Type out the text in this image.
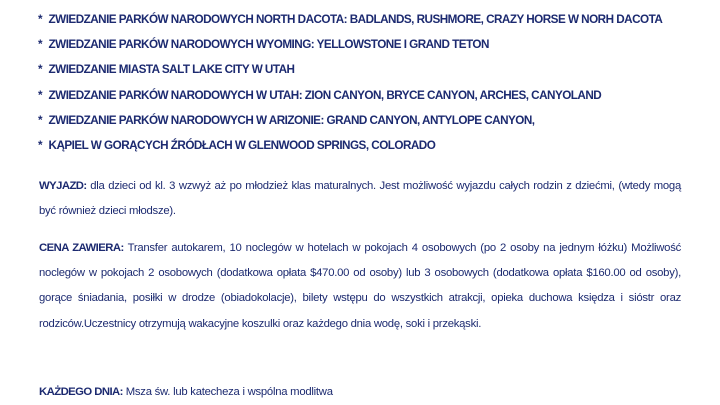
* ZWIEDZANIE PARKÓW NARODOWYCH NORTH DACOTA: BADLANDS, RUSHMORE, CRAZY HORSE W NORH DACOTA
* ZWIEDZANIE PARKÓW NARODOWYCH WYOMING: YELLOWSTONE I GRAND TETON
* ZWIEDZANIE MIASTA SALT LAKE CITY W UTAH
* ZWIEDZANIE PARKÓW NARODOWYCH W UTAH: ZION CANYON, BRYCE CANYON, ARCHES, CANYOLAND
* ZWIEDZANIE PARKÓW NARODOWYCH W ARIZONIE: GRAND CANYON, ANTYLOPE CANYON,
* KĄPIEL W GORĄCYCH ŹRÓDŁACH W GLENWOOD SPRINGS, COLORADO

WYJAZD: dla dzieci od kl. 3 wzwyż aż po młodzież klas maturalnych. Jest możliwość wyjazdu całych rodzin z dziećmi, (wtedy mogą być również dzieci młodsze).

CENA ZAWIERA: Transfer autokarem, 10 noclegów w hotelach w pokojach 4 osobowych (po 2 osoby na jednym łóżku) Możliwość noclegów w pokojach 2 osobowych (dodatkowa opłata $470.00 od osoby) lub 3 osobowych (dodatkowa opłata $160.00 od osoby), gorące śniadania, posiłki w drodze (obiadokolacje), bilety wstępu do wszystkich atrakcji, opieka duchowa księdza i sióstr oraz rodziców.Uczestnicy otrzymują wakacyjne koszulki oraz każdego dnia wodę, soki i przekąski.

KAŻDEGO DNIA: Msza św. lub katecheza i wspólna modlitwa
